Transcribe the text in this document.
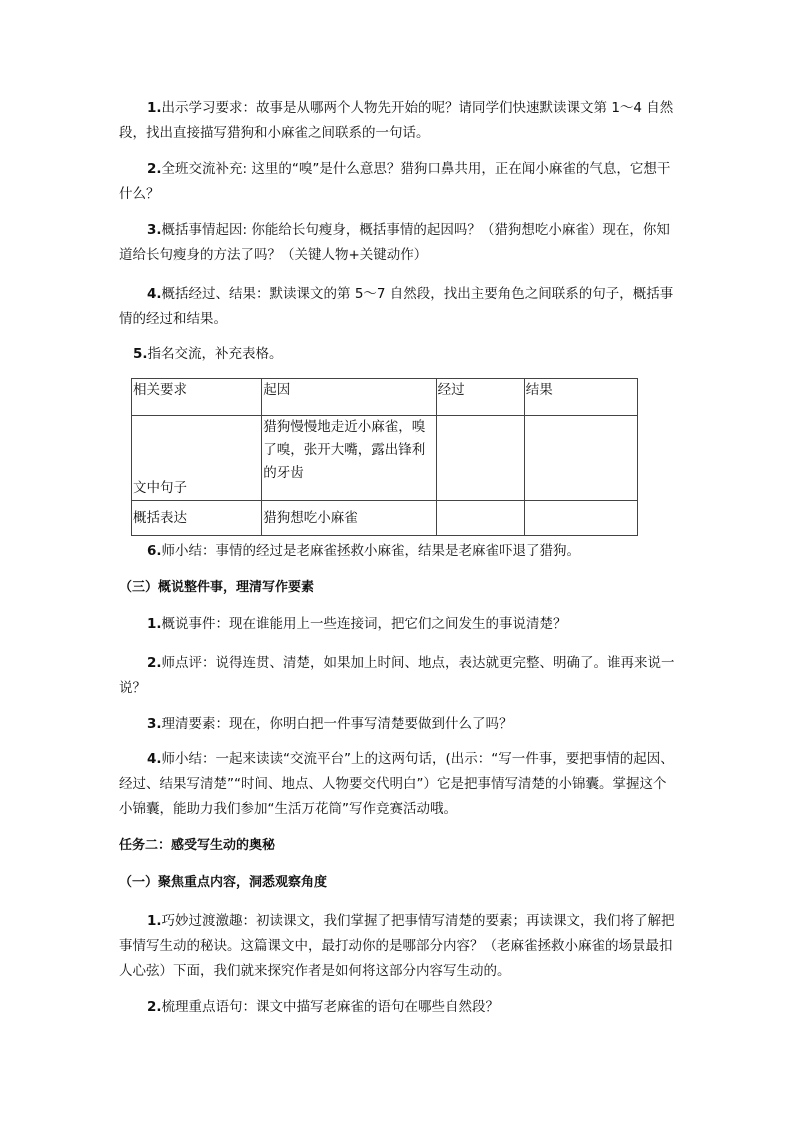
1.出示学习要求：故事是从哪两个人物先开始的呢？请同学们快速默读课文第 1～4 自然段，找出直接描写猎狗和小麻雀之间联系的一句话。

2.全班交流补充: 这里的“嗅”是什么意思？猎狗口鼻共用，正在闻小麻雀的气息，它想干什么？

3.概括事情起因: 你能给长句瘦身，概括事情的起因吗？（猎狗想吃小麻雀）现在，你知道给长句瘦身的方法了吗？（关键人物+关键动作）

4.概括经过、结果：默读课文的第 5～7 自然段，找出主要角色之间联系的句子，概括事情的经过和结果。

5.指名交流，补充表格。

相关要求	起因	经过	结果
文中句子	猎狗慢慢地走近小麻雀，嗅了嗅，张开大嘴，露出锋利的牙齿		
概括表达	猎狗想吃小麻雀		

6.师小结：事情的经过是老麻雀拯救小麻雀，结果是老麻雀吓退了猎狗。

（三）概说整件事，理清写作要素

1.概说事件：现在谁能用上一些连接词，把它们之间发生的事说清楚？

2.师点评：说得连贯、清楚，如果加上时间、地点，表达就更完整、明确了。谁再来说一说？

3.理清要素：现在，你明白把一件事写清楚要做到什么了吗？

4.师小结：一起来读读“交流平台”上的这两句话，(出示：“写一件事，要把事情的起因、经过、结果写清楚”“时间、地点、人物要交代明白”）它是把事情写清楚的小锦囊。掌握这个小锦囊，能助力我们参加“生活万花筒”写作竞赛活动哦。

任务二：感受写生动的奥秘

（一）聚焦重点内容，洞悉观察角度

1.巧妙过渡激趣：初读课文，我们掌握了把事情写清楚的要素；再读课文，我们将了解把事情写生动的秘诀。这篇课文中，最打动你的是哪部分内容？（老麻雀拯救小麻雀的场景最扣人心弦）下面，我们就来探究作者是如何将这部分内容写生动的。

2.梳理重点语句：课文中描写老麻雀的语句在哪些自然段？
